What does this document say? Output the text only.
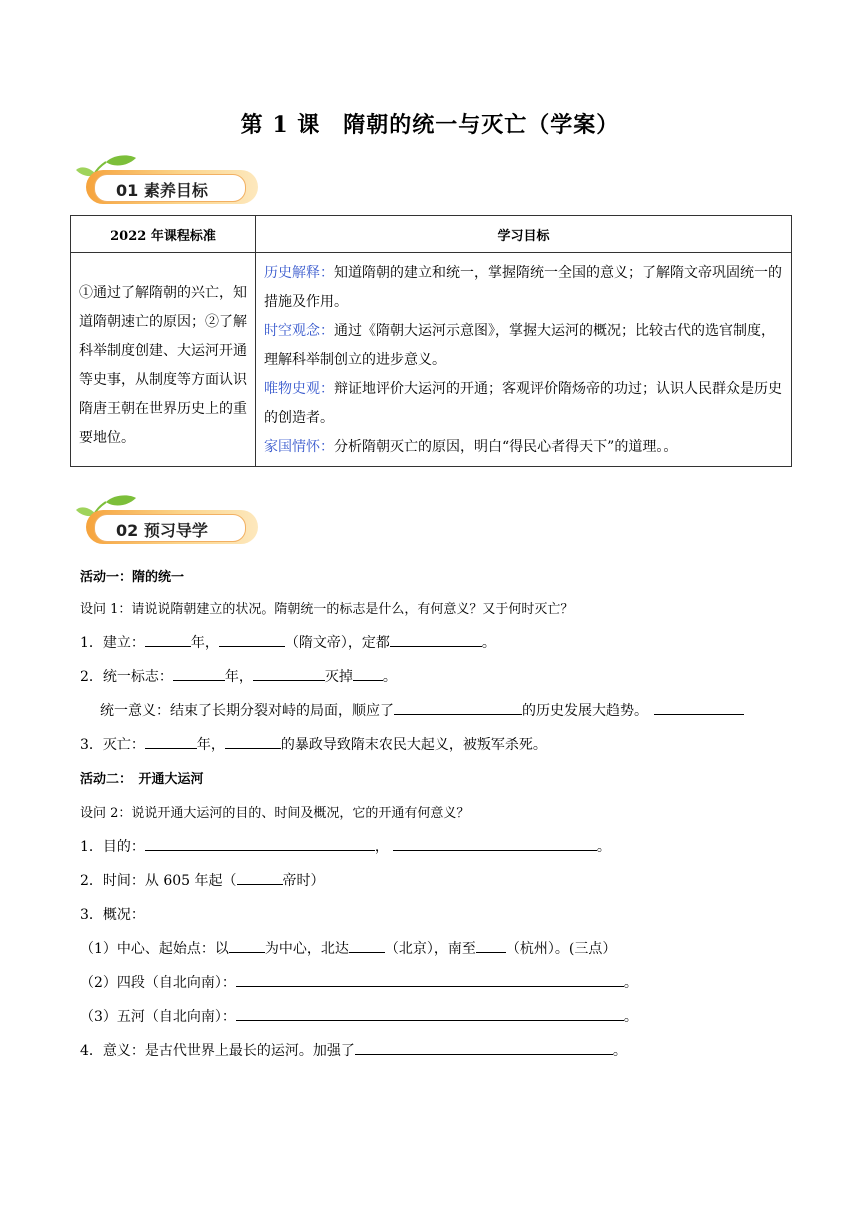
第 1 课　隋朝的统一与灭亡（学案）
01 素养目标
2022 年课程标准	学习目标
①通过了解隋朝的兴亡，知道隋朝速亡的原因；②了解科举制度创建、大运河开通等史事，从制度等方面认识隋唐王朝在世界历史上的重要地位。	历史解释：知道隋朝的建立和统一，掌握隋统一全国的意义；了解隋文帝巩固统一的措施及作用。
时空观念：通过《隋朝大运河示意图》，掌握大运河的概况；比较古代的选官制度，理解科举制创立的进步意义。
唯物史观：辩证地评价大运河的开通；客观评价隋炀帝的功过；认识人民群众是历史的创造者。
家国情怀：分析隋朝灭亡的原因，明白“得民心者得天下”的道理。。
02 预习导学
活动一：隋的统一
设问 1：请说说隋朝建立的状况。隋朝统一的标志是什么，有何意义？又于何时灭亡？
1．建立：	年，	（隋文帝），定都	。
2．统一标志：	年，	灭掉 。
统一意义：结束了长期分裂对峙的局面，顺应了	的历史发展大趋势。
3．灭亡：	年，	的暴政导致隋末农民大起义，被叛军杀死。
活动二：　开通大运河
设问 2：说说开通大运河的目的、时间及概况，它的开通有何意义？
1．目的：	，	。
2．时间：从 605 年起（	帝时）
3．概况：
（1）中心、起始点：以	为中心，北达	（北京），南至 （杭州）。(三点）
（2）四段（自北向南）：	。
（3）五河（自北向南）：	。
4．意义：是古代世界上最长的运河。加强了	。
